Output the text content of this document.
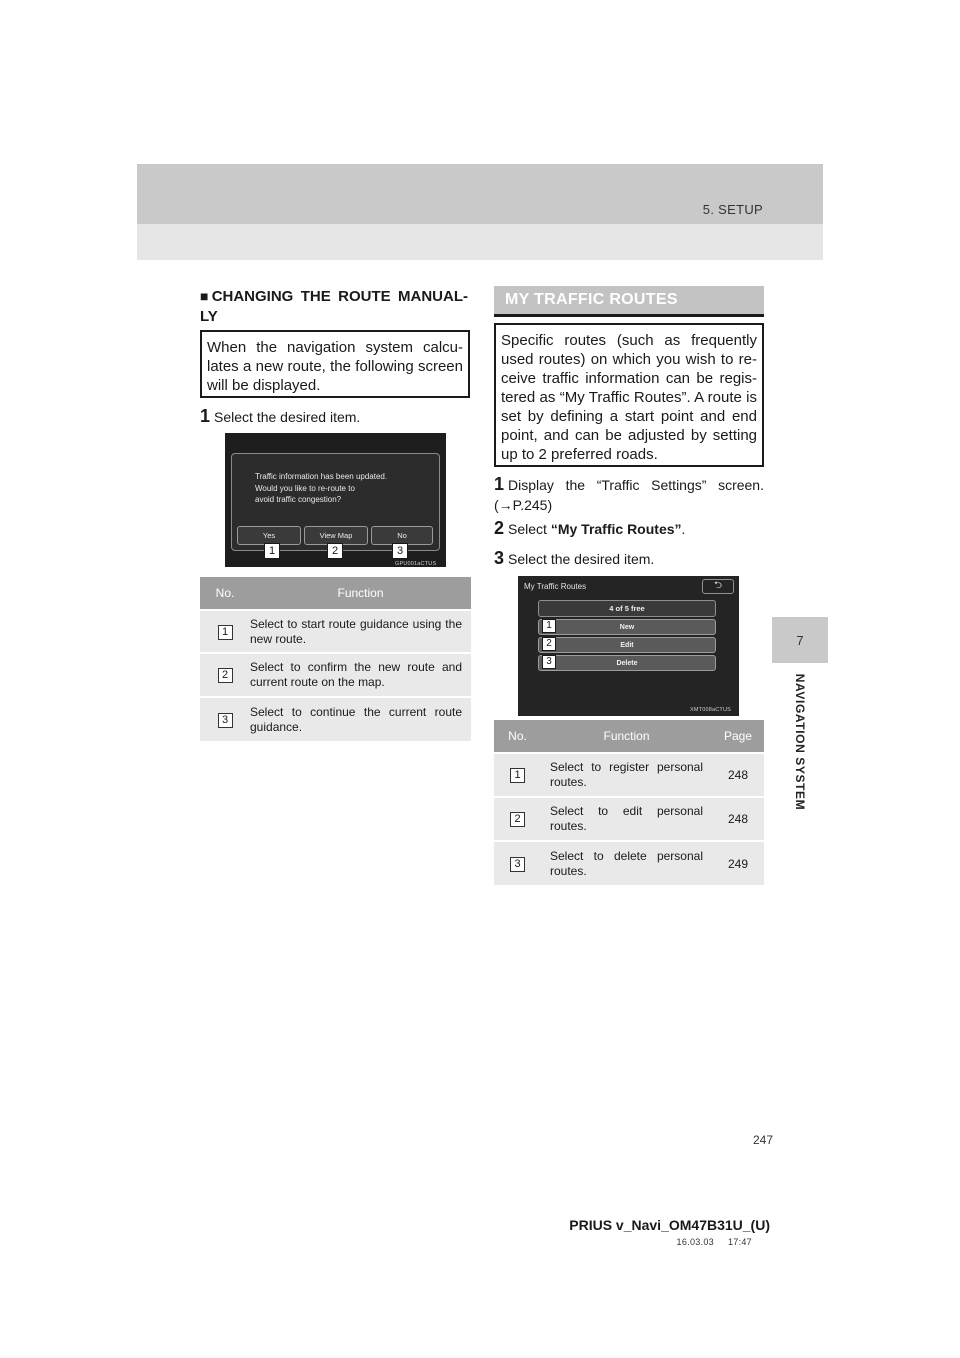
5. SETUP
7
NAVIGATION SYSTEM
■CHANGING THE ROUTE MANUAL-LY
When the navigation system calcu-lates a new route, the following screen will be displayed.
1 Select the desired item.
Traffic information has been updated.
Would you like to re-route to
avoid traffic congestion?
Yes	View Map	No
1	2	3
GPU001aCTUS
No.	Function
1	Select to start route guidance using the new route.
2	Select to confirm the new route and current route on the map.
3	Select to continue the current route guidance.
MY TRAFFIC ROUTES
Specific routes (such as frequently used routes) on which you wish to re-ceive traffic information can be regis-tered as “My Traffic Routes”. A route is set by defining a start point and end point, and can be adjusted by setting up to 2 preferred roads.
1 Display the “Traffic Settings” screen. (→P.245)
2 Select “My Traffic Routes”.
3 Select the desired item.
My Traffic Routes	⮌
4 of 5 free
New
Edit
Delete
1
2
3
XMT008aCTUS
No.	Function	Page
1	Select to register personal routes.	248
2	Select to edit personal routes.	248
3	Select to delete personal routes.	249
247
PRIUS v_Navi_OM47B31U_(U)
16.03.03     17:47
